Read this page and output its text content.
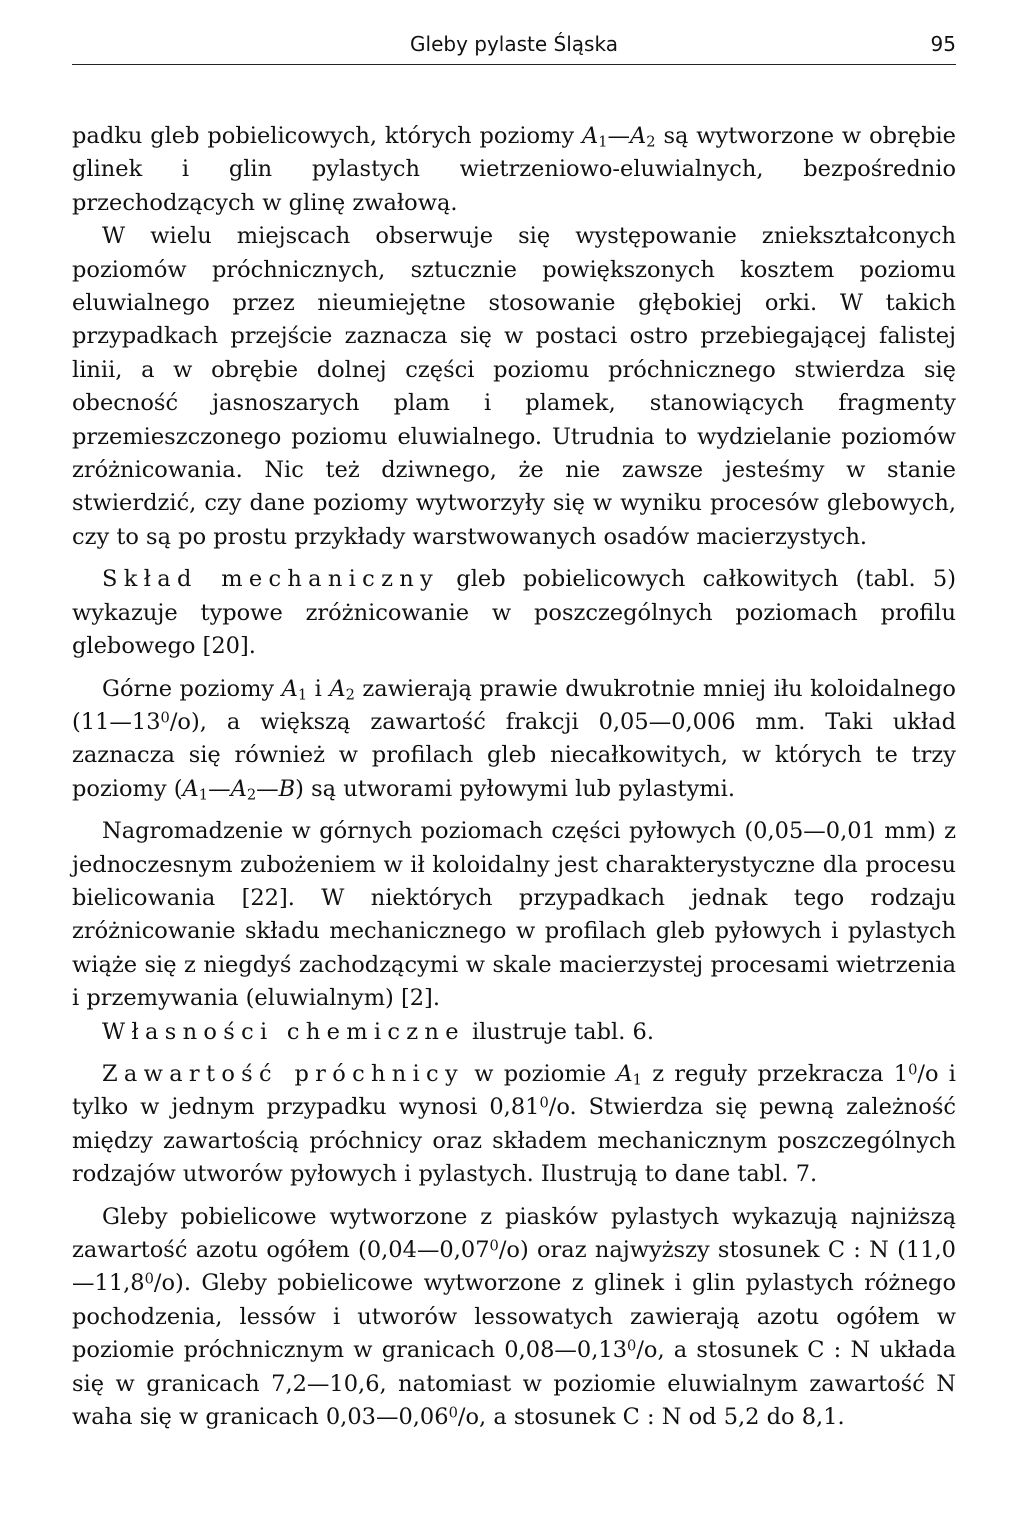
Gleby pylaste Śląska	95

padku gleb pobielicowych, których poziomy $A_1—A_2$ są wytworzone w obrębie glinek i glin pylastych wietrzeniowo-eluwialnych, bezpośrednio przechodzących w glinę zwałową.

W wielu miejscach obserwuje się występowanie zniekształconych poziomów próchnicznych, sztucznie powiększonych kosztem poziomu eluwialnego przez nieumiejętne stosowanie głębokiej orki. W takich przypadkach przejście zaznacza się w postaci ostro przebiegającej falistej linii, a w obrębie dolnej części poziomu próchnicznego stwierdza się obecność jasnoszarych plam i plamek, stanowiących fragmenty przemieszczonego poziomu eluwialnego. Utrudnia to wydzielanie poziomów zróżnicowania. Nic też dziwnego, że nie zawsze jesteśmy w stanie stwierdzić, czy dane poziomy wytworzyły się w wyniku procesów glebowych, czy to są po prostu przykłady warstwowanych osadów macierzystych.

Skład mechaniczny gleb pobielicowych całkowitych (tabl. 5) wykazuje typowe zróżnicowanie w poszczególnych poziomach profilu glebowego [20].

Górne poziomy $A_1$ i $A_2$ zawierają prawie dwukrotnie mniej iłu koloidalnego $(11—13^0/o)$, a większą zawartość frakcji 0,05—0,006 mm. Taki układ zaznacza się również w profilach gleb niecałkowitych, w których te trzy poziomy $(A_1—A_2—B)$ są utworami pyłowymi lub pylastymi.

Nagromadzenie w górnych poziomach części pyłowych (0,05—0,01 mm) z jednoczesnym zubożeniem w ił koloidalny jest charakterystyczne dla procesu bielicowania [22]. W niektórych przypadkach jednak tego rodzaju zróżnicowanie składu mechanicznego w profilach gleb pyłowych i pylastych wiąże się z niegdyś zachodzącymi w skale macierzystej procesami wietrzenia i przemywania (eluwialnym) [2].

Własności chemiczne ilustruje tabl. 6.

Zawartość próchnicy w poziomie $A_1$ z reguły przekracza $1^0/o$ i tylko w jednym przypadku wynosi 0,81$^0$/o. Stwierdza się pewną zależność między zawartością próchnicy oraz składem mechanicznym poszczególnych rodzajów utworów pyłowych i pylastych. Ilustrują to dane tabl. 7.

Gleby pobielicowe wytworzone z piasków pylastych wykazują najniższą zawartość azotu ogółem (0,04—0,07$^0$/o) oraz najwyższy stosunek C : N (11,0—11,8$^0$/o). Gleby pobielicowe wytworzone z glinek i glin pylastych różnego pochodzenia, lessów i utworów lessowatych zawierają azotu ogółem w poziomie próchnicznym w granicach 0,08—0,13$^0$/o, a stosunek C : N układa się w granicach 7,2—10,6, natomiast w poziomie eluwialnym zawartość N waha się w granicach 0,03—0,06$^0$/o, a stosunek C : N od 5,2 do 8,1.
